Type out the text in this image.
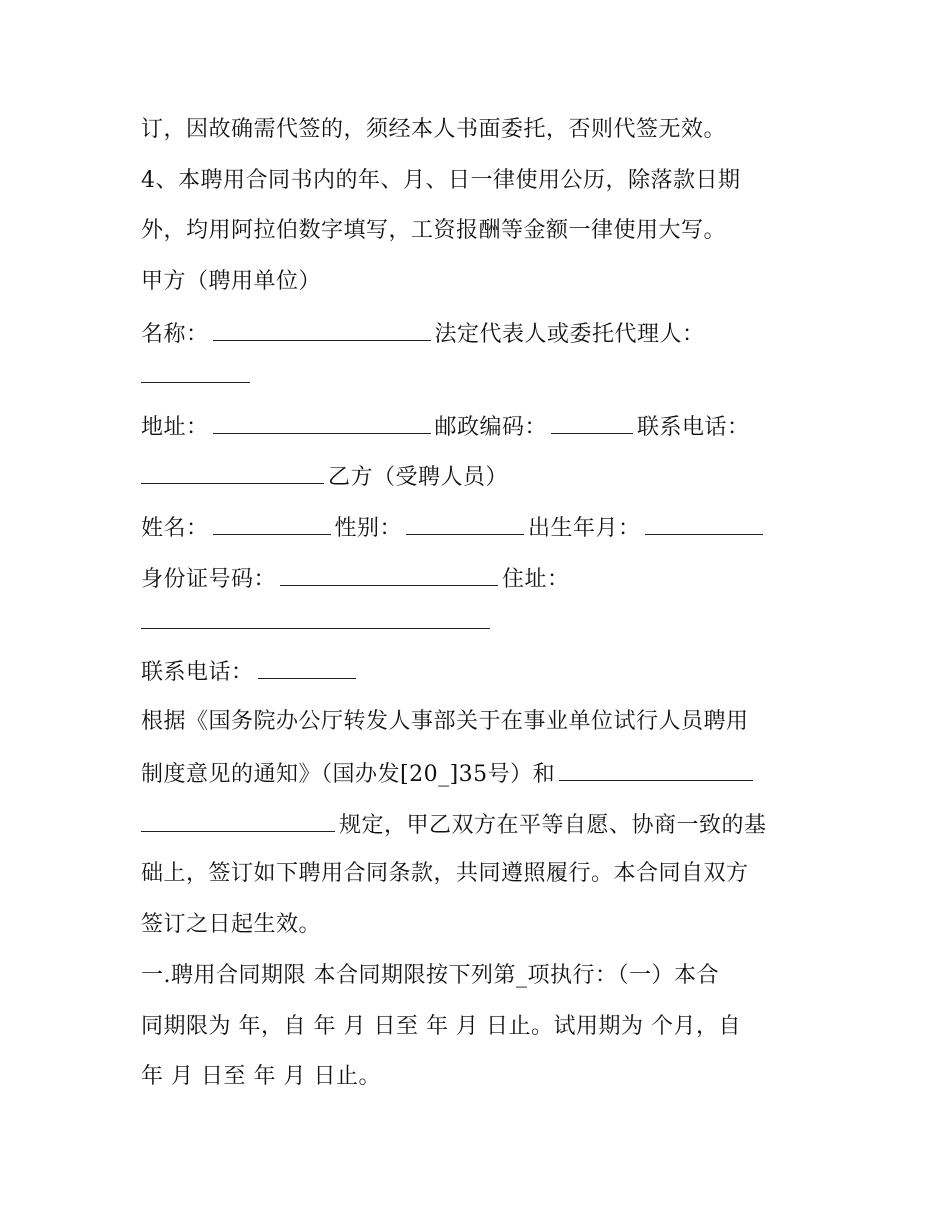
订，因故确需代签的，须经本人书面委托，否则代签无效。
4、本聘用合同书内的年、月、日一律使用公历，除落款日期
外，均用阿拉伯数字填写，工资报酬等金额一律使用大写。
甲方（聘用单位）
名称：	法定代表人或委托代理人：
地址：	邮政编码：	联系电话：
乙方（受聘人员）
姓名：	性别：	出生年月：
身份证号码：	住址：
联系电话：
根据《国务院办公厅转发人事部关于在事业单位试行人员聘用
制度意见的通知》（国办发[20_]35号）和
规定，甲乙双方在平等自愿、协商一致的基
础上，签订如下聘用合同条款，共同遵照履行。本合同自双方
签订之日起生效。
一.聘用合同期限 本合同期限按下列第_项执行：（一）本合
同期限为 年，自 年 月 日至 年 月 日止。试用期为 个月，自
年 月 日至 年 月 日止。
